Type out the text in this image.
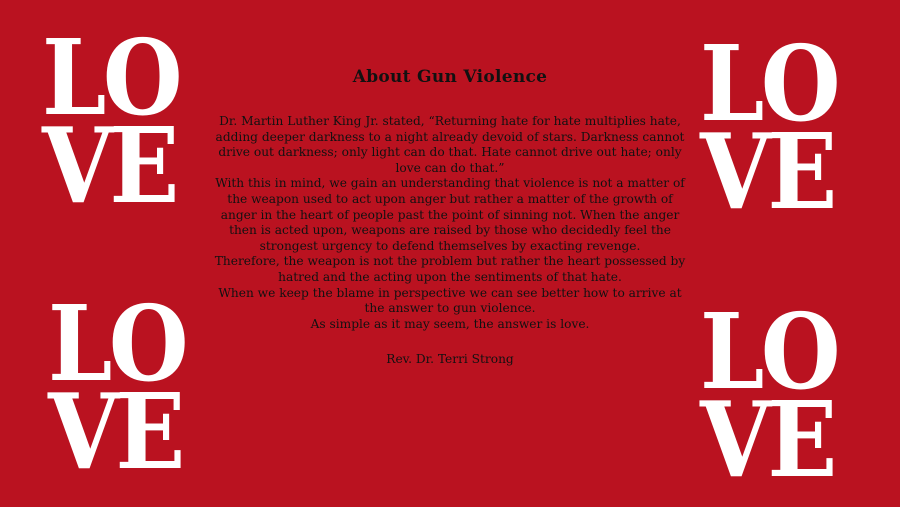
LO
VE
LO
VE
LO
VE
LO
VE
About Gun Violence

Dr. Martin Luther King Jr. stated, “Returning hate for hate multiplies hate, adding deeper darkness to a night already devoid of stars. Darkness cannot drive out darkness; only light can do that. Hate cannot drive out hate; only love can do that.”

With this in mind, we gain an understanding that violence is not a matter of the weapon used to act upon anger but rather a matter of the growth of anger in the heart of people past the point of sinning not. When the anger then is acted upon, weapons are raised by those who decidedly feel the strongest urgency to defend themselves by exacting revenge.

Therefore, the weapon is not the problem but rather the heart possessed by hatred and the acting upon the sentiments of that hate.

When we keep the blame in perspective we can see better how to arrive at the answer to gun violence.

As simple as it may seem, the answer is love.

Rev. Dr. Terri Strong
